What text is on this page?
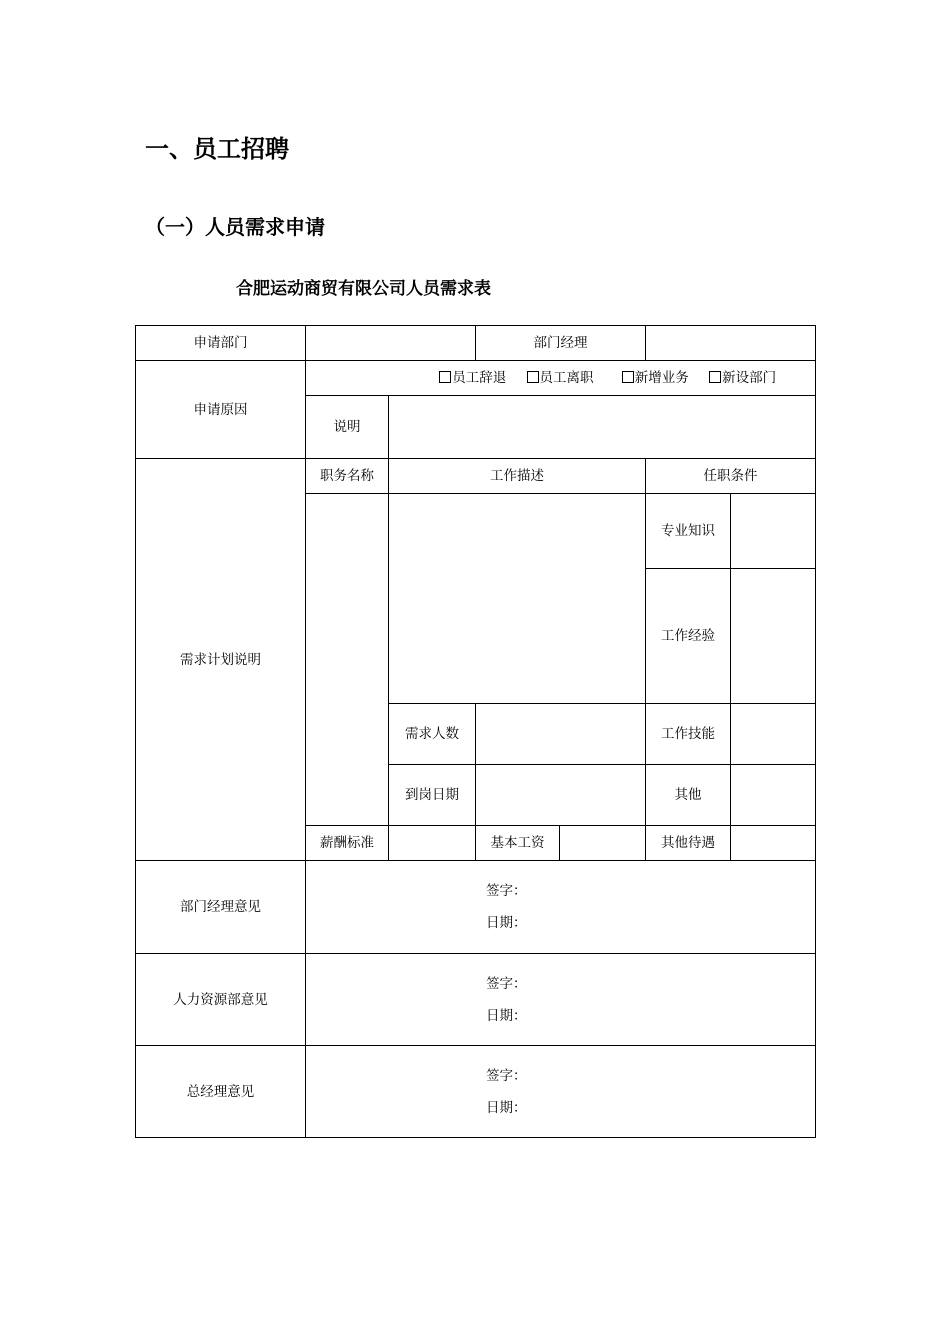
一、员工招聘
（一）人员需求申请
合肥运动商贸有限公司人员需求表
申请部门			部门经理			
申请原因	员工辞退 员工离职 新增业务 新设部门					
	说明					
需求计划说明	职务名称	工作描述			任职条件	
					专业知识	
					工作经验	
		需求人数			工作技能	
		到岗日期			其他	
	薪酬标准		基本工资		其他待遇	
部门经理意见	签字：
日期：					

人力资源部意见	签字：
日期：					

总经理意见	签字：
日期：					
